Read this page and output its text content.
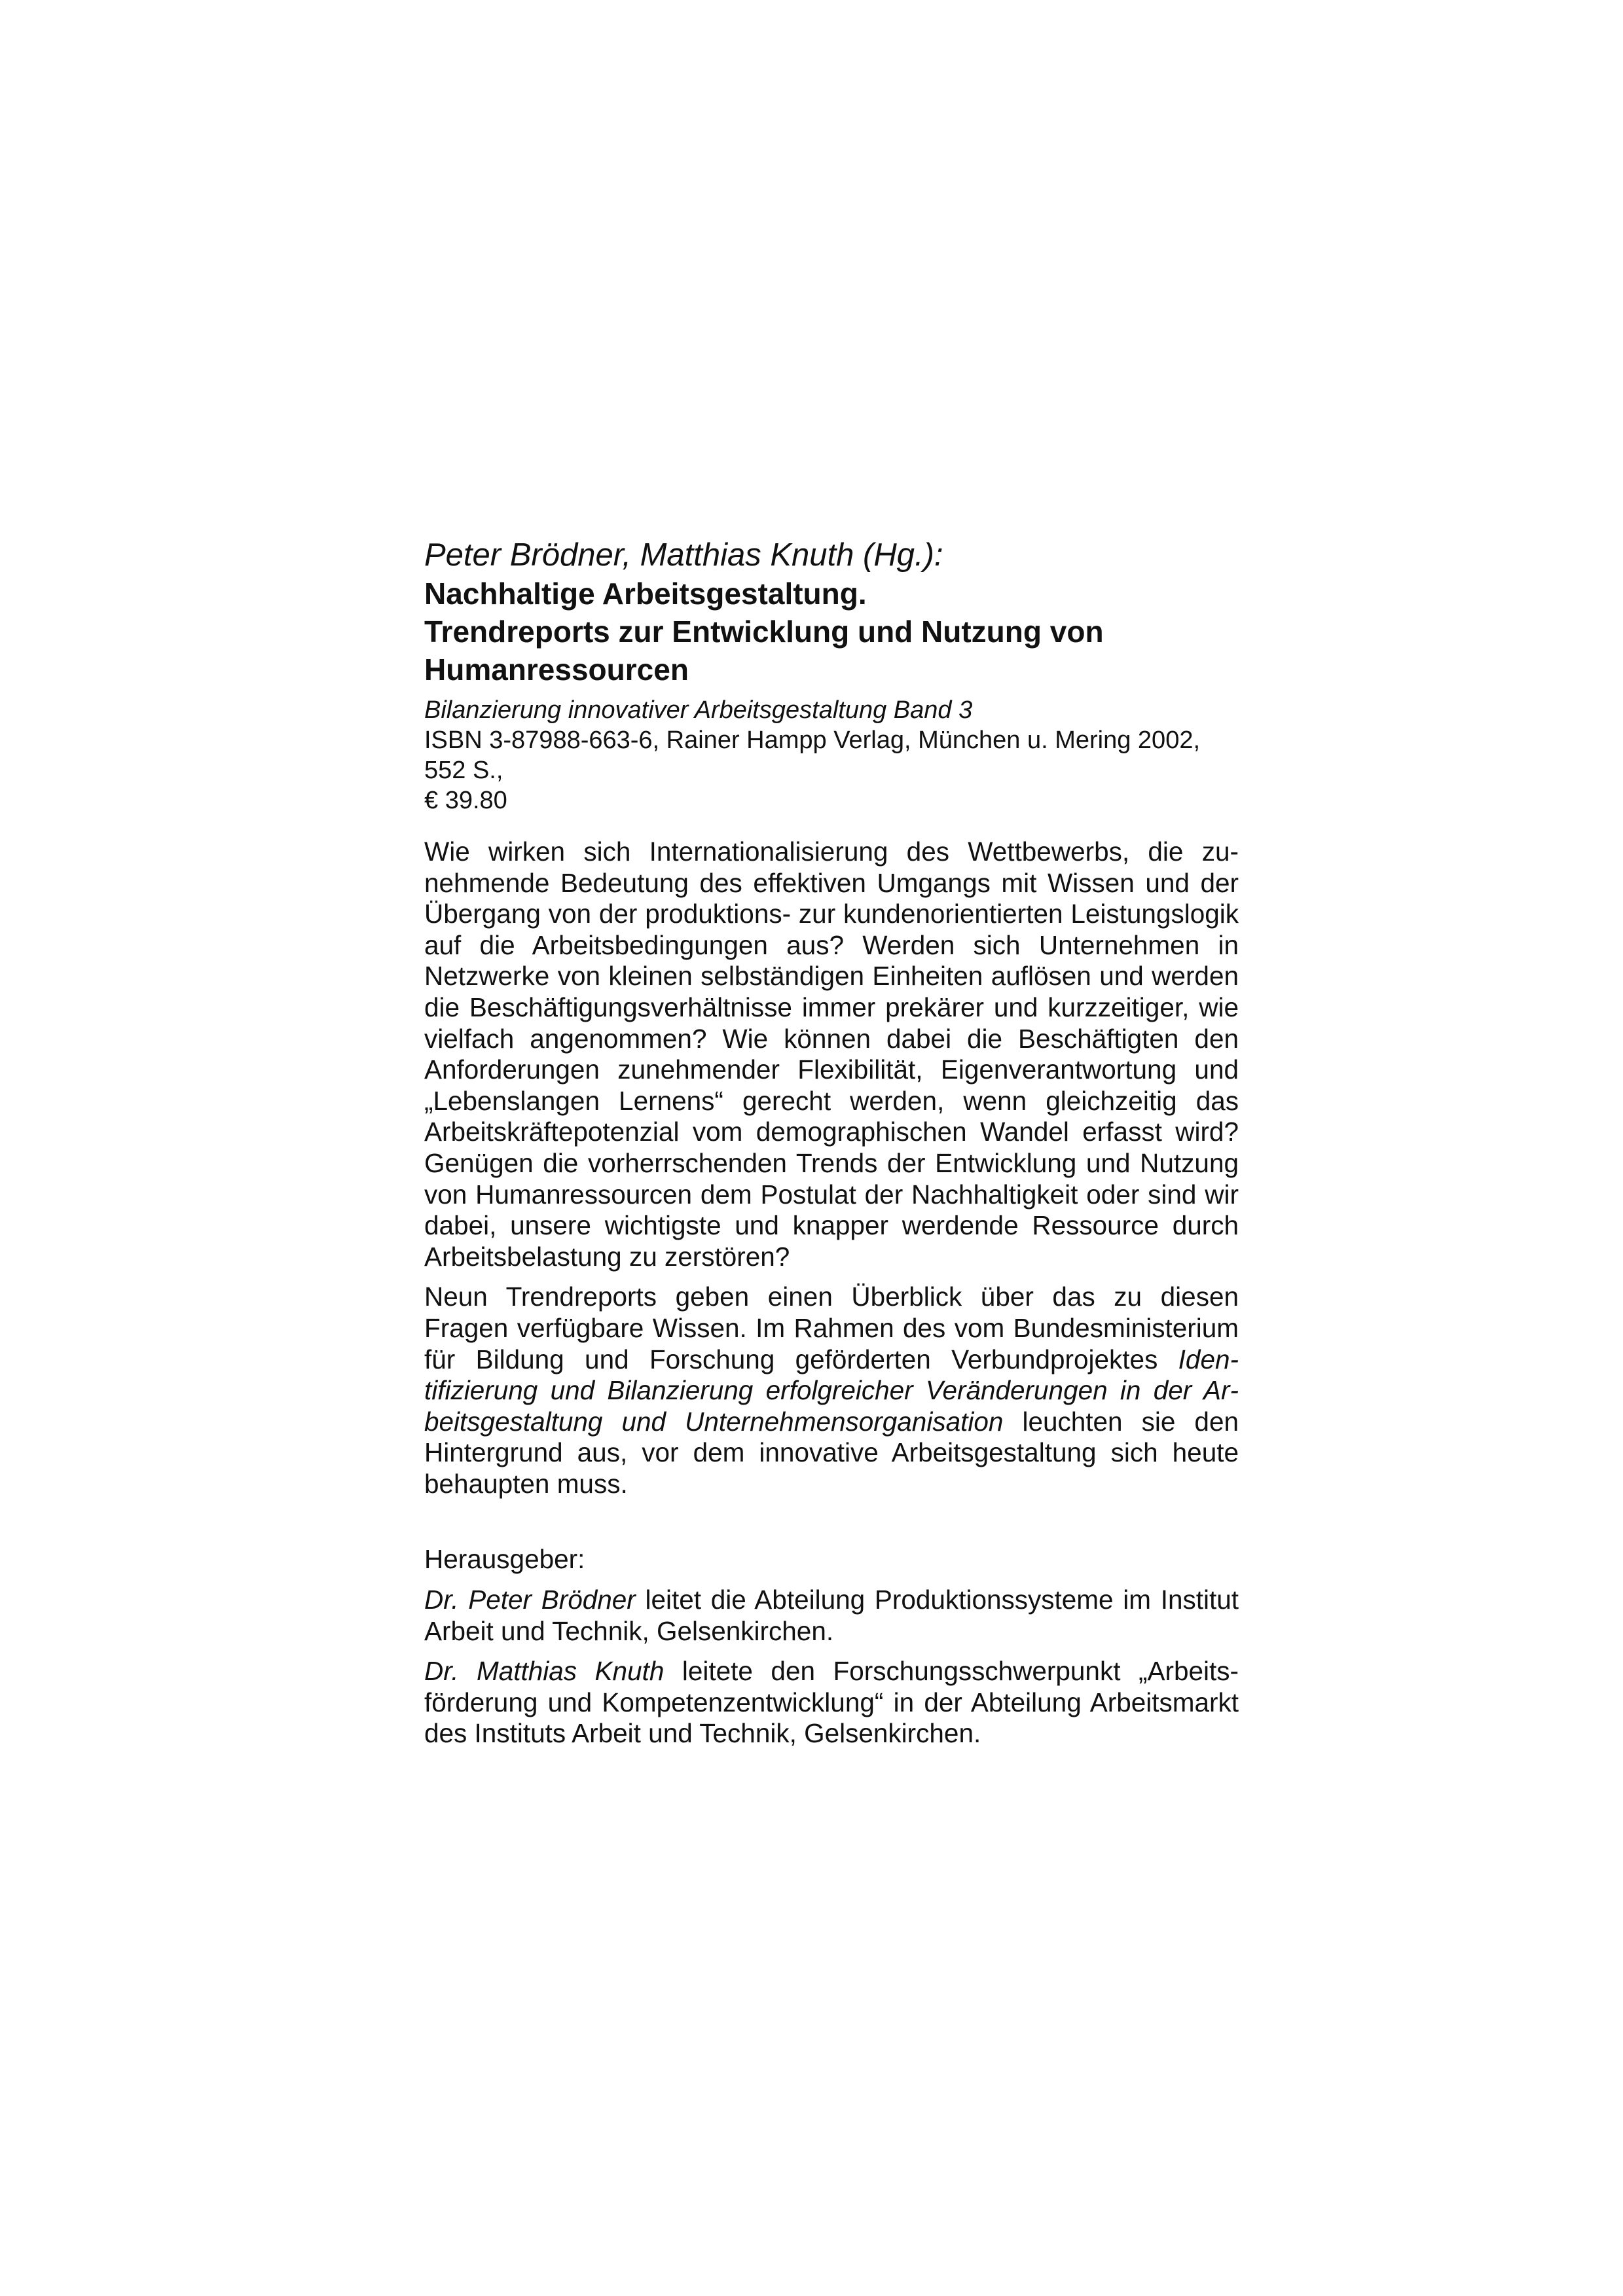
Peter Brödner, Matthias Knuth (Hg.):
Nachhaltige Arbeitsgestaltung.
Trendreports zur Entwicklung und Nutzung von
Humanressourcen
Bilanzierung innovativer Arbeitsgestaltung Band 3
ISBN 3-87988-663-6, Rainer Hampp Verlag, München u. Mering 2002,
552 S.,
€ 39.80

Wie wirken sich Internationalisierung des Wettbewerbs, die zunehmende Bedeutung des effektiven Umgangs mit Wissen und der Übergang von der produktions- zur kundenorientierten Leistungslogik auf die Arbeitsbedingungen aus? Werden sich Unternehmen in Netzwerke von kleinen selbständigen Einheiten auflösen und werden die Beschäftigungsverhältnisse immer prekärer und kurzzeitiger, wie vielfach angenommen? Wie können dabei die Beschäftigten den Anforderungen zunehmender Flexibilität, Eigenverantwortung und „Lebenslangen Lernens“ gerecht werden, wenn gleichzeitig das Arbeitskräftepotenzial vom demographischen Wandel erfasst wird? Genügen die vorherrschenden Trends der Entwicklung und Nutzung von Humanressourcen dem Postulat der Nachhaltigkeit oder sind wir dabei, unsere wichtigste und knapper werdende Ressource durch Arbeitsbelastung zu zerstören?

Neun Trendreports geben einen Überblick über das zu diesen Fragen verfügbare Wissen. Im Rahmen des vom Bundesministerium für Bildung und Forschung geförderten Verbundprojektes Identifizierung und Bilanzierung erfolgreicher Veränderungen in der Arbeitsgestaltung und Unternehmensorganisation leuchten sie den Hintergrund aus, vor dem innovative Arbeitsgestaltung sich heute behaupten muss.

Herausgeber:

Dr. Peter Brödner leitet die Abteilung Produktionssysteme im Institut Arbeit und Technik, Gelsenkirchen.

Dr. Matthias Knuth leitete den Forschungsschwerpunkt „Arbeitsförderung und Kompetenzentwicklung“ in der Abteilung Arbeitsmarkt des Instituts Arbeit und Technik, Gelsenkirchen.
